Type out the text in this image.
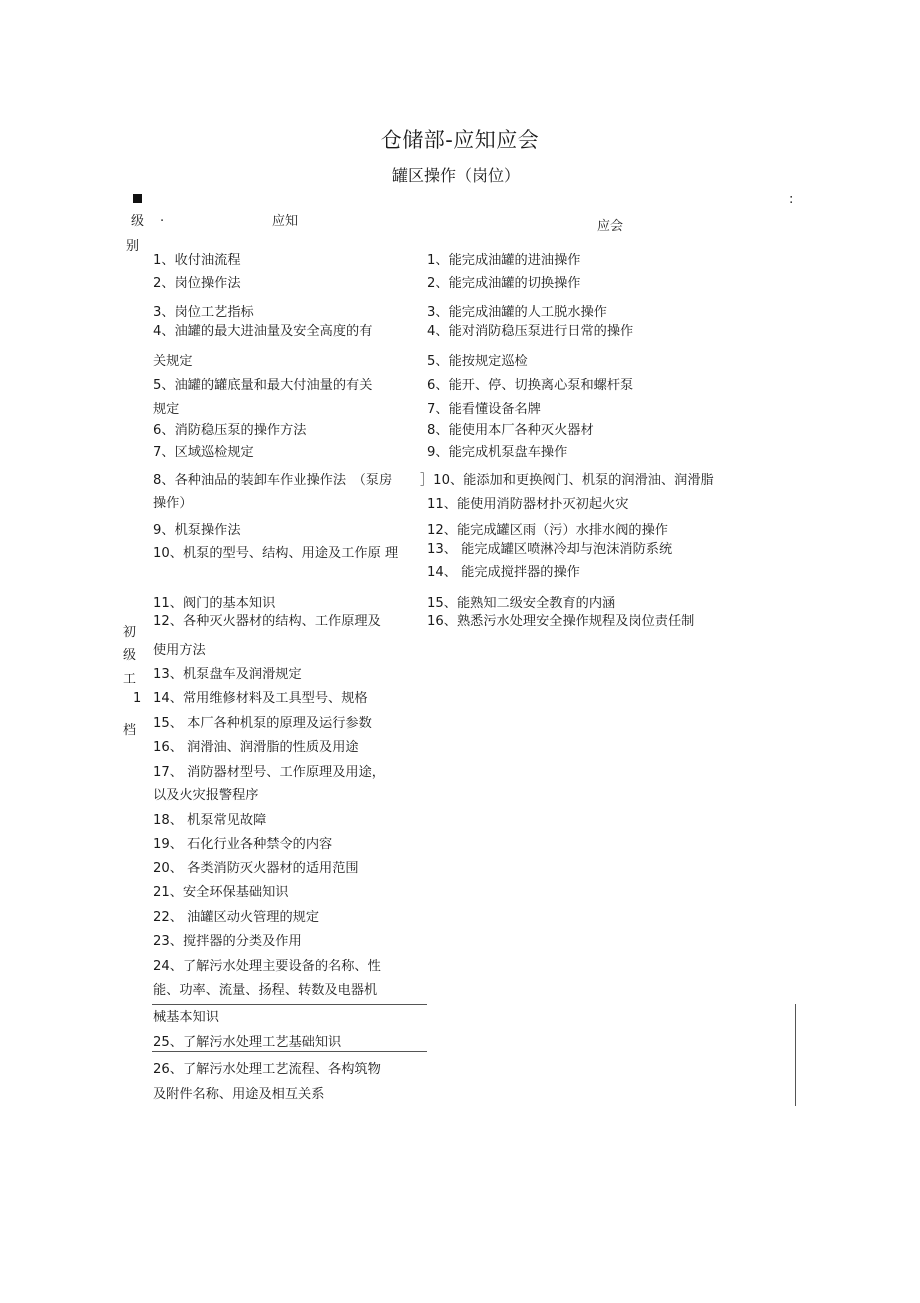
仓储部-应知应会
罐区操作（岗位）
:
级 .	应知	应会
别
初
级
工
1
档
1、收付油流程
2、岗位操作法
3、岗位工艺指标
4、油罐的最大进油量及安全高度的有
关规定
5、油罐的罐底量和最大付油量的有关
规定
6、消防稳压泵的操作方法
7、区域巡检规定
8、各种油品的装卸车作业操作法　（泵房
操作）
9、机泵操作法
10、机泵的型号、结构、用途及工作原 理
11、阀门的基本知识
12、各种灭火器材的结构、工作原理及
使用方法
13、机泵盘车及润滑规定
14、常用维修材料及工具型号、规格
15、 本厂各种机泵的原理及运行参数
16、 润滑油、润滑脂的性质及用途
17、 消防器材型号、工作原理及用途，
以及火灾报警程序
18、 机泵常见故障
19、 石化行业各种禁令的内容
20、 各类消防灭火器材的适用范围
21、安全环保基础知识
22、 油罐区动火管理的规定
23、搅拌器的分类及作用
24、了解污水处理主要设备的名称、性
能、功率、流量、扬程、转数及电器机
械基本知识
25、了解污水处理工艺基础知识
26、了解污水处理工艺流程、各构筑物
及附件名称、用途及相互关系
1、能完成油罐的进油操作
2、能完成油罐的切换操作
3、能完成油罐的人工脱水操作
4、能对消防稳压泵进行日常的操作
5、能按规定巡检
6、能开、停、切换离心泵和螺杆泵
7、能看懂设备名牌
8、能使用本厂各种灭火器材
9、能完成机泵盘车操作
］10、能添加和更换阀门、机泵的润滑油、润滑脂
11、能使用消防器材扑灭初起火灾
12、能完成罐区雨（污）水排水阀的操作
13、 能完成罐区喷淋冷却与泡沫消防系统
14、 能完成搅拌器的操作
15、能熟知二级安全教育的内涵
16、熟悉污水处理安全操作规程及岗位责任制
